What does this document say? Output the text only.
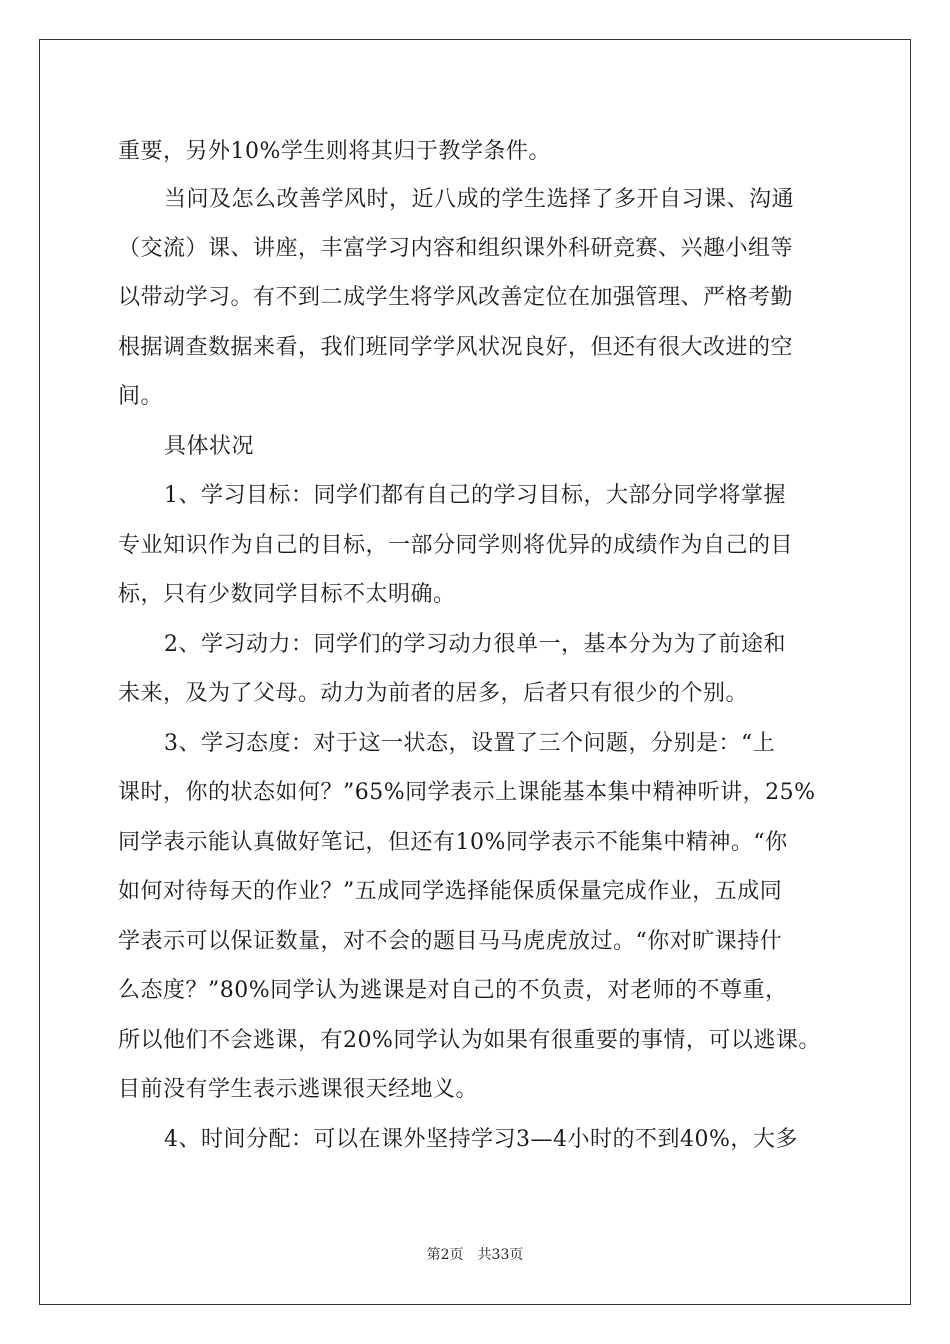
重要，另外10%学生则将其归于教学条件。
当问及怎么改善学风时，近八成的学生选择了多开自习课、沟通
（交流）课、讲座，丰富学习内容和组织课外科研竞赛、兴趣小组等
以带动学习。有不到二成学生将学风改善定位在加强管理、严格考勤
根据调查数据来看，我们班同学学风状况良好，但还有很大改进的空
间。
具体状况
1、学习目标：同学们都有自己的学习目标，大部分同学将掌握
专业知识作为自己的目标，一部分同学则将优异的成绩作为自己的目
标，只有少数同学目标不太明确。
2、学习动力：同学们的学习动力很单一，基本分为为了前途和
未来，及为了父母。动力为前者的居多，后者只有很少的个别。
3、学习态度：对于这一状态，设置了三个问题，分别是：“上
课时，你的状态如何？”65%同学表示上课能基本集中精神听讲，25%
同学表示能认真做好笔记，但还有10%同学表示不能集中精神。“你
如何对待每天的作业？”五成同学选择能保质保量完成作业，五成同
学表示可以保证数量，对不会的题目马马虎虎放过。“你对旷课持什
么态度？”80%同学认为逃课是对自己的不负责，对老师的不尊重，
所以他们不会逃课，有20%同学认为如果有很重要的事情，可以逃课。
目前没有学生表示逃课很天经地义。
4、时间分配：可以在课外坚持学习3—4小时的不到40%，大多
第2页 共33页
